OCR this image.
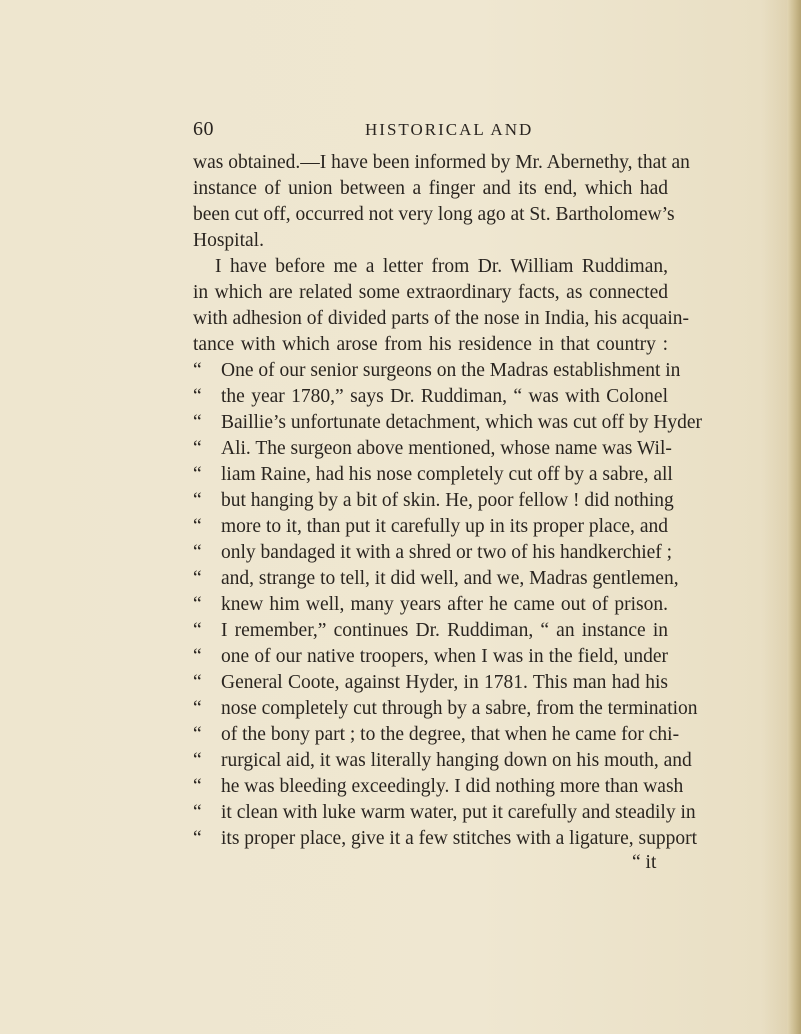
60	HISTORICAL AND
was obtained.—I have been informed by Mr. Abernethy, that an
instance of union between a finger and its end, which had
been cut off, occurred not very long ago at St. Bartholomew’s
Hospital.
I have before me a letter from Dr. William Ruddiman,
in which are related some extraordinary facts, as connected
with adhesion of divided parts of the nose in India, his acquain-
tance with which arose from his residence in that country :
“ One of our senior surgeons on the Madras establishment in
“ the year 1780,” says Dr. Ruddiman, “ was with Colonel
“ Baillie’s unfortunate detachment, which was cut off by Hyder
“ Ali. The surgeon above mentioned, whose name was Wil-
“ liam Raine, had his nose completely cut off by a sabre, all
“ but hanging by a bit of skin. He, poor fellow ! did nothing
“ more to it, than put it carefully up in its proper place, and
“ only bandaged it with a shred or two of his handkerchief ;
“ and, strange to tell, it did well, and we, Madras gentlemen,
“ knew him well, many years after he came out of prison.
“ I remember,” continues Dr. Ruddiman, “ an instance in
“ one of our native troopers, when I was in the field, under
“ General Coote, against Hyder, in 1781. This man had his
“ nose completely cut through by a sabre, from the termination
“ of the bony part ; to the degree, that when he came for chi-
“ rurgical aid, it was literally hanging down on his mouth, and
“ he was bleeding exceedingly. I did nothing more than wash
“ it clean with luke warm water, put it carefully and steadily in
“ its proper place, give it a few stitches with a ligature, support
“ it
